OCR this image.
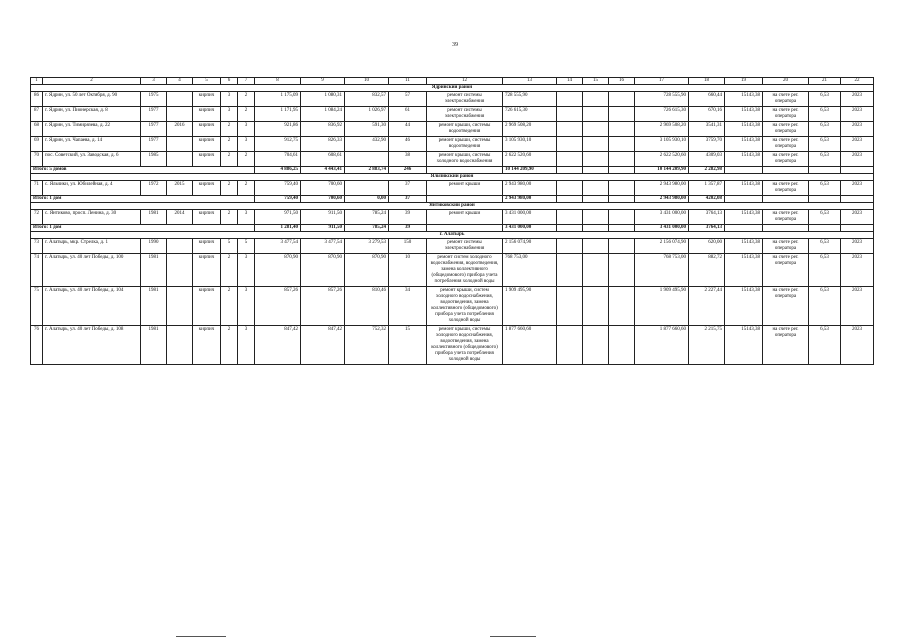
39
1	2	3	4	5	6	7	8	9	10	11	12	13	14	15	16	17	18	19	20	21	22
Ядринский район																					
86	г. Ядрин, ул. 50 лет Октября, д. 90	1975		кирпич	3	2	1 175,09	1 080,31	832,57	57	ремонт системы электроснабжения	728 555,90				728 555,90	660,44	15143,38	на счете рег. оператора	6,53	2023
87	г. Ядрин, ул. Пионерская, д. 8	1977		кирпич	3	2	1 171,95	1 084,24	1 026,97	61	ремонт системы электроснабжения	726 615,30				726 615,30	670,16	15143,38	на счете рег. оператора	6,53	2023
68	г. Ядрин, ул. Тимирязева, д. 22	1977	2016	кирпич	2	3	921,86	836,92	591,30	44	ремонт крыши, системы водоотведения	2 969 508,20				2 969 508,20	3541,31	15143,38	на счете рег. оператора	6,53	2023
69	г. Ядрин, ул. Чапаева, д. 14	1977		кирпич	2	3	912,75	826,33	432,90	46	ремонт крыши, системы водоотведения	3 105 930,10				3 105 930,10	3759,70	15143,38	на счете рег. оператора	6,53	2023
70	пос. Советский, ул. Заводская, д. 6	1985		кирпич	2	2	704,61	608,61		38	ремонт крыши, системы холодного водоснабжения	2 622 520,60				2 622 520,60	4309,03	15143,38	на счете рег. оператора	6,53	2023
Итого: 5 домов							4 886,25	4 443,41	2 883,74	246		10 144 209,90				10 144 209,90	2 282,98				
Яльчикский район																					
71	с. Яльчики, ул. Юбилейная, д. 4	1972	2015	кирпич	2	2	759,40	700,60		37	ремонт крыши	2 943 980,00				2 943 980,00	1 357,87	15143,38	на счете рег. оператора	6,53	2023
Итого: 1 дом							759,40	700,60	0,00	37		2 943 980,00				2 943 980,00	4202,08				
Янтиковский район																					
72	с. Янтиково, просп. Ленина, д. 30	1981	2014	кирпич	2	3	971,50	911,50	785,24	39	ремонт крыши	3 431 000,00				3 431 000,00	3764,13	15143,38	на счете рег. оператора	6,53	2023
Итого: 1 дом							1 281,40	911,50	785,24	39		3 431 000,00				3 431 000,00	3764,13				
г. Алатырь																					
73	г. Алатырь, мкр. Стрелка, д. 1	1990		кирпич	5	5	3 477,54	3 477,54	3 279,53	150	ремонт системы электроснабжения	2 156 074,90				2 156 074,90	620,00	15143,38	на счете рег. оператора	6,53	2023
74	г. Алатырь, ул. 40 лет Победы, д. 100	1981		кирпич	2	3	870,90	870,90	870,90	10	ремонт систем холодного водоснабжения, водоотведения, замена коллективного (общедомового) прибора учета потребления холодной воды	768 753,00				768 753,00	882,72	15143,38	на счете рег. оператора	6,53	2023
75	г. Алатырь, ул. 40 лет Победы, д. 104	1981		кирпич	2	3	857,26	857,26	810,46	34	ремонт крыши, систем холодного водоснабжения, водоотведения, замена коллективного (общедомового) прибора учета потребления холодной воды	1 909 495,90				1 909 495,90	2 227,44	15143,38	на счете рег. оператора	6,53	2023
76	г. Алатырь, ул. 40 лет Победы, д. 108	1981		кирпич	2	3	847,42	847,42	752,32	15	ремонт крыши, системы холодного водоснабжения, водоотведения, замена коллективного (общедомового) прибора учета потребления холодной воды	1 877 660,60				1 877 660,60	2 215,75	15143,38	на счете рег. оператора	6,53	2023
